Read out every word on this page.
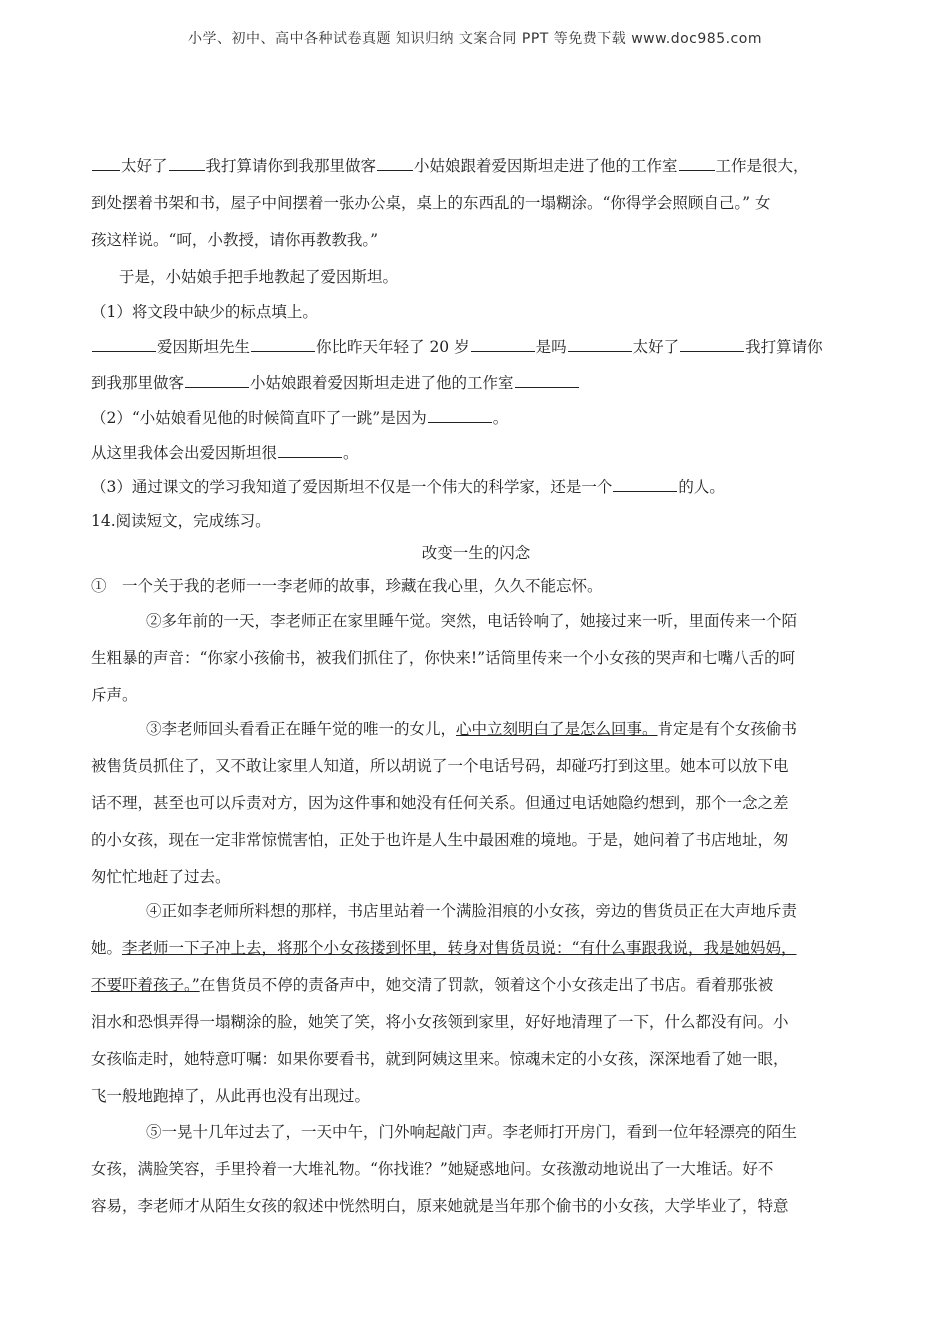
小学、初中、高中各种试卷真题 知识归纳 文案合同 PPT 等免费下载 www.doc985.com
太好了 我打算请你到我那里做客 小姑娘跟着爱因斯坦走进了他的工作室 工作是很大，
到处摆着书架和书，屋子中间摆着一张办公桌，桌上的东西乱的一塌糊涂。“你得学会照顾自己。” 女
孩这样说。“呵，小教授，请你再教教我。”
于是，小姑娘手把手地教起了爱因斯坦。
（1）将文段中缺少的标点填上。
爱因斯坦先生	你比昨天年轻了 20 岁	是吗	太好了	我打算请你
到我那里做客	小姑娘跟着爱因斯坦走进了他的工作室
（2）“小姑娘看见他的时候简直吓了一跳”是因为	。
从这里我体会出爱因斯坦很	。
（3）通过课文的学习我知道了爱因斯坦不仅是一个伟大的科学家，还是一个	的人。
14.阅读短文，完成练习。
改变一生的闪念
①　一个关于我的老师一一李老师的故事，珍藏在我心里，久久不能忘怀。
②多年前的一天，李老师正在家里睡午觉。突然，电话铃响了，她接过来一听，里面传来一个陌
生粗暴的声音：“你家小孩偷书，被我们抓住了，你快来!”话筒里传来一个小女孩的哭声和七嘴八舌的呵
斥声。
③李老师回头看看正在睡午觉的唯一的女儿，心中立刻明白了是怎么回事。肯定是有个女孩偷书
被售货员抓住了，又不敢让家里人知道，所以胡说了一个电话号码，却碰巧打到这里。她本可以放下电
话不理，甚至也可以斥责对方，因为这件事和她没有任何关系。但通过电话她隐约想到，那个一念之差
的小女孩，现在一定非常惊慌害怕，正处于也许是人生中最困难的境地。于是，她问着了书店地址，匆
匆忙忙地赶了过去。
④正如李老师所料想的那样，书店里站着一个满脸泪痕的小女孩，旁边的售货员正在大声地斥责
她。李老师一下子冲上去，将那个小女孩搂到怀里，转身对售货员说：“有什么事跟我说，我是她妈妈，
不要吓着孩子。”在售货员不停的责备声中，她交清了罚款，领着这个小女孩走出了书店。看着那张被
泪水和恐惧弄得一塌糊涂的脸，她笑了笑，将小女孩领到家里，好好地清理了一下，什么都没有问。小
女孩临走时，她特意叮嘱：如果你要看书，就到阿姨这里来。惊魂未定的小女孩，深深地看了她一眼，
飞一般地跑掉了，从此再也没有出现过。
⑤一晃十几年过去了，一天中午，门外响起敲门声。李老师打开房门，看到一位年轻漂亮的陌生
女孩，满脸笑容，手里拎着一大堆礼物。“你找谁？”她疑惑地问。女孩激动地说出了一大堆话。好不
容易，李老师才从陌生女孩的叙述中恍然明白，原来她就是当年那个偷书的小女孩，大学毕业了，特意
